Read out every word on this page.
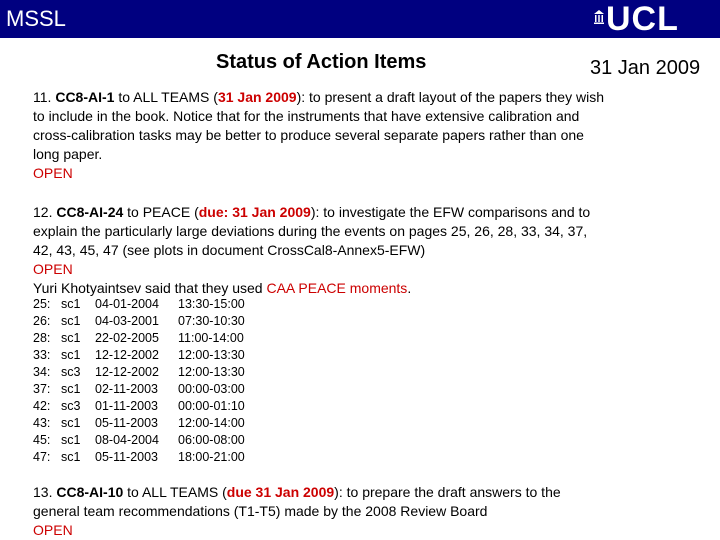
MSSL	UCL
Status of Action Items	31 Jan 2009

11. CC8-AI-1 to ALL TEAMS (31 Jan 2009): to present a draft layout of the papers they wish

to include in the book. Notice that for the instruments that have extensive calibration and

cross-calibration tasks may be better to produce several separate papers rather than one

long paper.

OPEN

12. CC8-AI-24 to PEACE (due: 31 Jan 2009): to investigate the EFW comparisons and to

explain the particularly large deviations during the events on pages 25, 26, 28, 33, 34, 37,

42, 43, 45, 47 (see plots in document CrossCal8-Annex5-EFW)

OPEN

Yuri Khotyaintsev said that they used CAA PEACE moments.

25: sc1	04-01-2004	13:30-15:00
26: sc1	04-03-2001	07:30-10:30
28: sc1	22-02-2005	11:00-14:00
33: sc1	12-12-2002	12:00-13:30
34: sc3	12-12-2002	12:00-13:30
37: sc1	02-11-2003	00:00-03:00
42: sc3	01-11-2003	00:00-01:10
43: sc1	05-11-2003	12:00-14:00
45: sc1	08-04-2004	06:00-08:00
47: sc1	05-11-2003	18:00-21:00

13. CC8-AI-10 to ALL TEAMS (due 31 Jan 2009): to prepare the draft answers to the

general team recommendations (T1-T5) made by the 2008 Review Board

OPEN
